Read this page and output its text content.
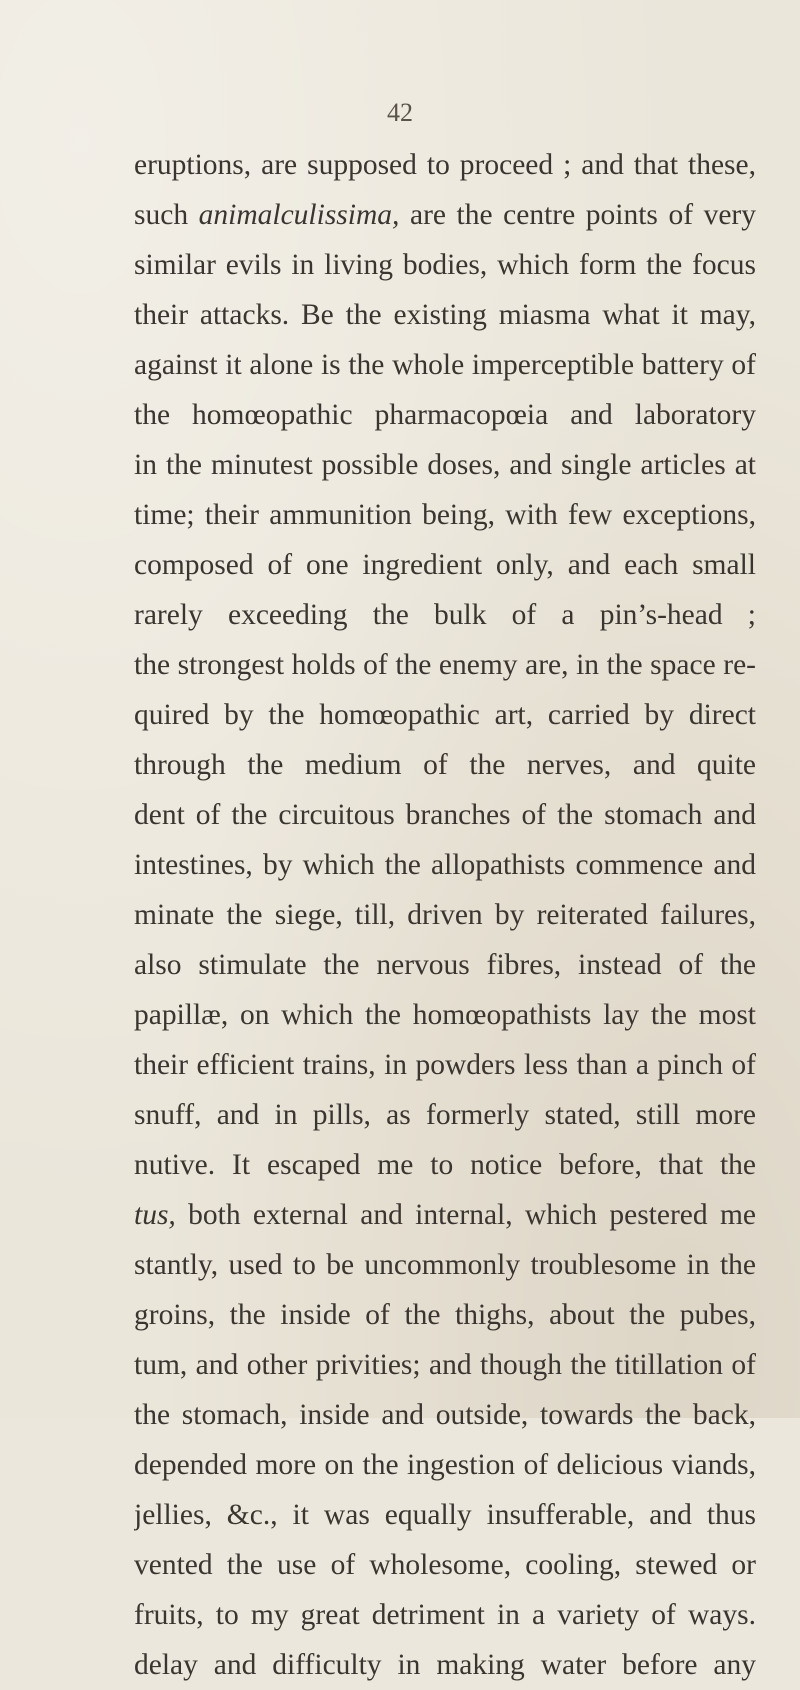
42
eruptions, are supposed to proceed ; and that these,
such animalculissima, are the centre points of very
similar evils in living bodies, which form the focus
their attacks. Be the existing miasma what it may,
against it alone is the whole imperceptible battery of
the homœopathic pharmacopœia and laboratory
in the minutest possible doses, and single articles at
time; their ammunition being, with few exceptions,
composed of one ingredient only, and each small
rarely exceeding the bulk of a pin’s-head ;
the strongest holds of the enemy are, in the space re-
quired by the homœopathic art, carried by direct
through the medium of the nerves, and quite
dent of the circuitous branches of the stomach and
intestines, by which the allopathists commence and
minate the siege, till, driven by reiterated failures,
also stimulate the nervous fibres, instead of the
papillæ, on which the homœopathists lay the most
their efficient trains, in powders less than a pinch of
snuff, and in pills, as formerly stated, still more
nutive. It escaped me to notice before, that the
tus, both external and internal, which pestered me
stantly, used to be uncommonly troublesome in the
groins, the inside of the thighs, about the pubes,
tum, and other privities; and though the titillation of
the stomach, inside and outside, towards the back,
depended more on the ingestion of delicious viands,
jellies, &c., it was equally insufferable, and thus
vented the use of wholesome, cooling, stewed or
fruits, to my great detriment in a variety of ways.
delay and difficulty in making water before any
